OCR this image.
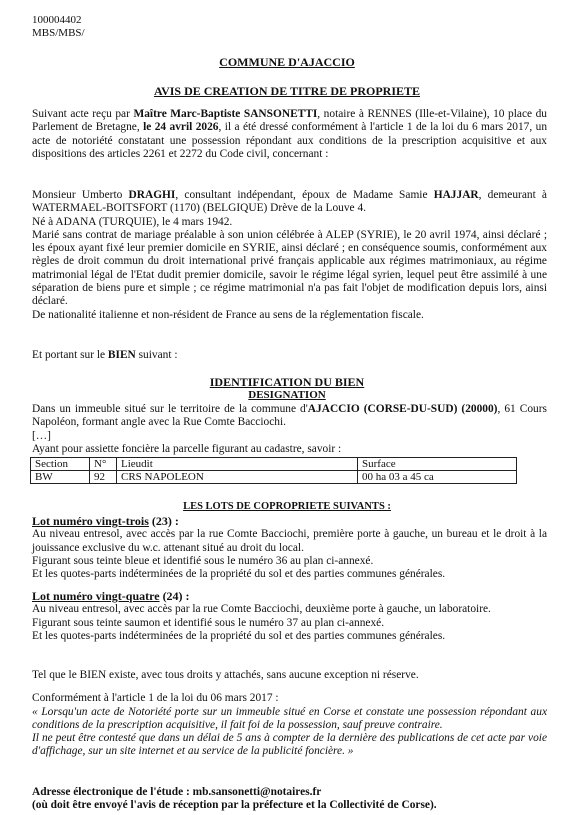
100004402
MBS/MBS/
COMMUNE D'AJACCIO
AVIS DE CREATION DE TITRE DE PROPRIETE

Suivant acte reçu par Maître Marc-Baptiste SANSONETTI, notaire à RENNES (Ille-et-Vilaine), 10 place du Parlement de Bretagne, le 24 avril 2026, il a été dressé conformément à l'article 1 de la loi du 6 mars 2017, un acte de notoriété constatant une possession répondant aux conditions de la prescription acquisitive et aux dispositions des articles 2261 et 2272 du Code civil, concernant :

Monsieur Umberto DRAGHI, consultant indépendant, époux de Madame Samie HAJJAR, demeurant à WATERMAEL-BOITSFORT (1170) (BELGIQUE) Drève de la Louve 4.

Né à ADANA (TURQUIE), le 4 mars 1942.

Marié sans contrat de mariage préalable à son union célébrée à ALEP (SYRIE), le 20 avril 1974, ainsi déclaré ; les époux ayant fixé leur premier domicile en SYRIE, ainsi déclaré ; en conséquence soumis, conformément aux règles de droit commun du droit international privé français applicable aux régimes matrimoniaux, au régime matrimonial légal de l'Etat dudit premier domicile, savoir le régime légal syrien, lequel peut être assimilé à une séparation de biens pure et simple ; ce régime matrimonial n'a pas fait l'objet de modification depuis lors, ainsi déclaré.

De nationalité italienne et non-résident de France au sens de la réglementation fiscale.

Et portant sur le BIEN suivant :
IDENTIFICATION DU BIEN
DESIGNATION

Dans un immeuble situé sur le territoire de la commune d'AJACCIO (CORSE-DU-SUD) (20000), 61 Cours Napoléon, formant angle avec la Rue Comte Bacciochi.

[…]

Ayant pour assiette foncière la parcelle figurant au cadastre, savoir :

Section	N°	Lieudit	Surface
BW	92	CRS NAPOLEON	00 ha 03 a 45 ca
LES LOTS DE COPROPRIETE SUIVANTS :

Lot numéro vingt-trois (23) :

Au niveau entresol, avec accès par la rue Comte Bacciochi, première porte à gauche, un bureau et le droit à la jouissance exclusive du w.c. attenant situé au droit du local.

Figurant sous teinte bleue et identifié sous le numéro 36 au plan ci-annexé.

Et les quotes-parts indéterminées de la propriété du sol et des parties communes générales.

Lot numéro vingt-quatre (24) :

Au niveau entresol, avec accès par la rue Comte Bacciochi, deuxième porte à gauche, un laboratoire.

Figurant sous teinte saumon et identifié sous le numéro 37 au plan ci-annexé.

Et les quotes-parts indéterminées de la propriété du sol et des parties communes générales.

Tel que le BIEN existe, avec tous droits y attachés, sans aucune exception ni réserve.

Conformément à l'article 1 de la loi du 06 mars 2017 :

« Lorsqu'un acte de Notoriété porte sur un immeuble situé en Corse et constate une possession répondant aux conditions de la prescription acquisitive, il fait foi de la possession, sauf preuve contraire.

Il ne peut être contesté que dans un délai de 5 ans à compter de la dernière des publications de cet acte par voie d'affichage, sur un site internet et au service de la publicité foncière. »

Adresse électronique de l'étude : mb.sansonetti@notaires.fr

(où doit être envoyé l'avis de réception par la préfecture et la Collectivité de Corse).
